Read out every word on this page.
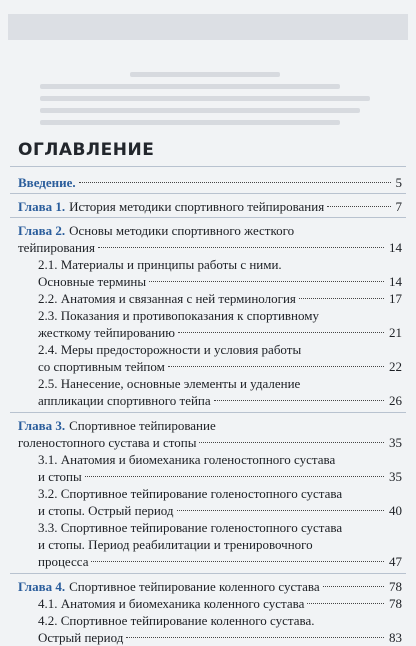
ОГЛАВЛЕНИЕ
Введение.	5
Глава 1. История методики спортивного тейпирования	7
Глава 2. Основы методики спортивного жесткого
тейпирования	14
2.1. Материалы и принципы работы с ними.
Основные термины	14
2.2. Анатомия и связанная с ней терминология	17
2.3. Показания и противопоказания к спортивному
жесткому тейпированию	21
2.4. Меры предосторожности и условия работы
со спортивным тейпом	22
2.5. Нанесение, основные элементы и удаление
аппликации спортивного тейпа	26
Глава 3. Спортивное тейпирование
голеностопного сустава и стопы	35
3.1. Анатомия и биомеханика голеностопного сустава
и стопы	35
3.2. Спортивное тейпирование голеностопного сустава
и стопы. Острый период	40
3.3. Спортивное тейпирование голеностопного сустава
и стопы. Период реабилитации и тренировочного
процесса	47
Глава 4. Спортивное тейпирование коленного сустава	78
4.1. Анатомия и биомеханика коленного сустава	78
4.2. Спортивное тейпирование коленного сустава.
Острый период	83
